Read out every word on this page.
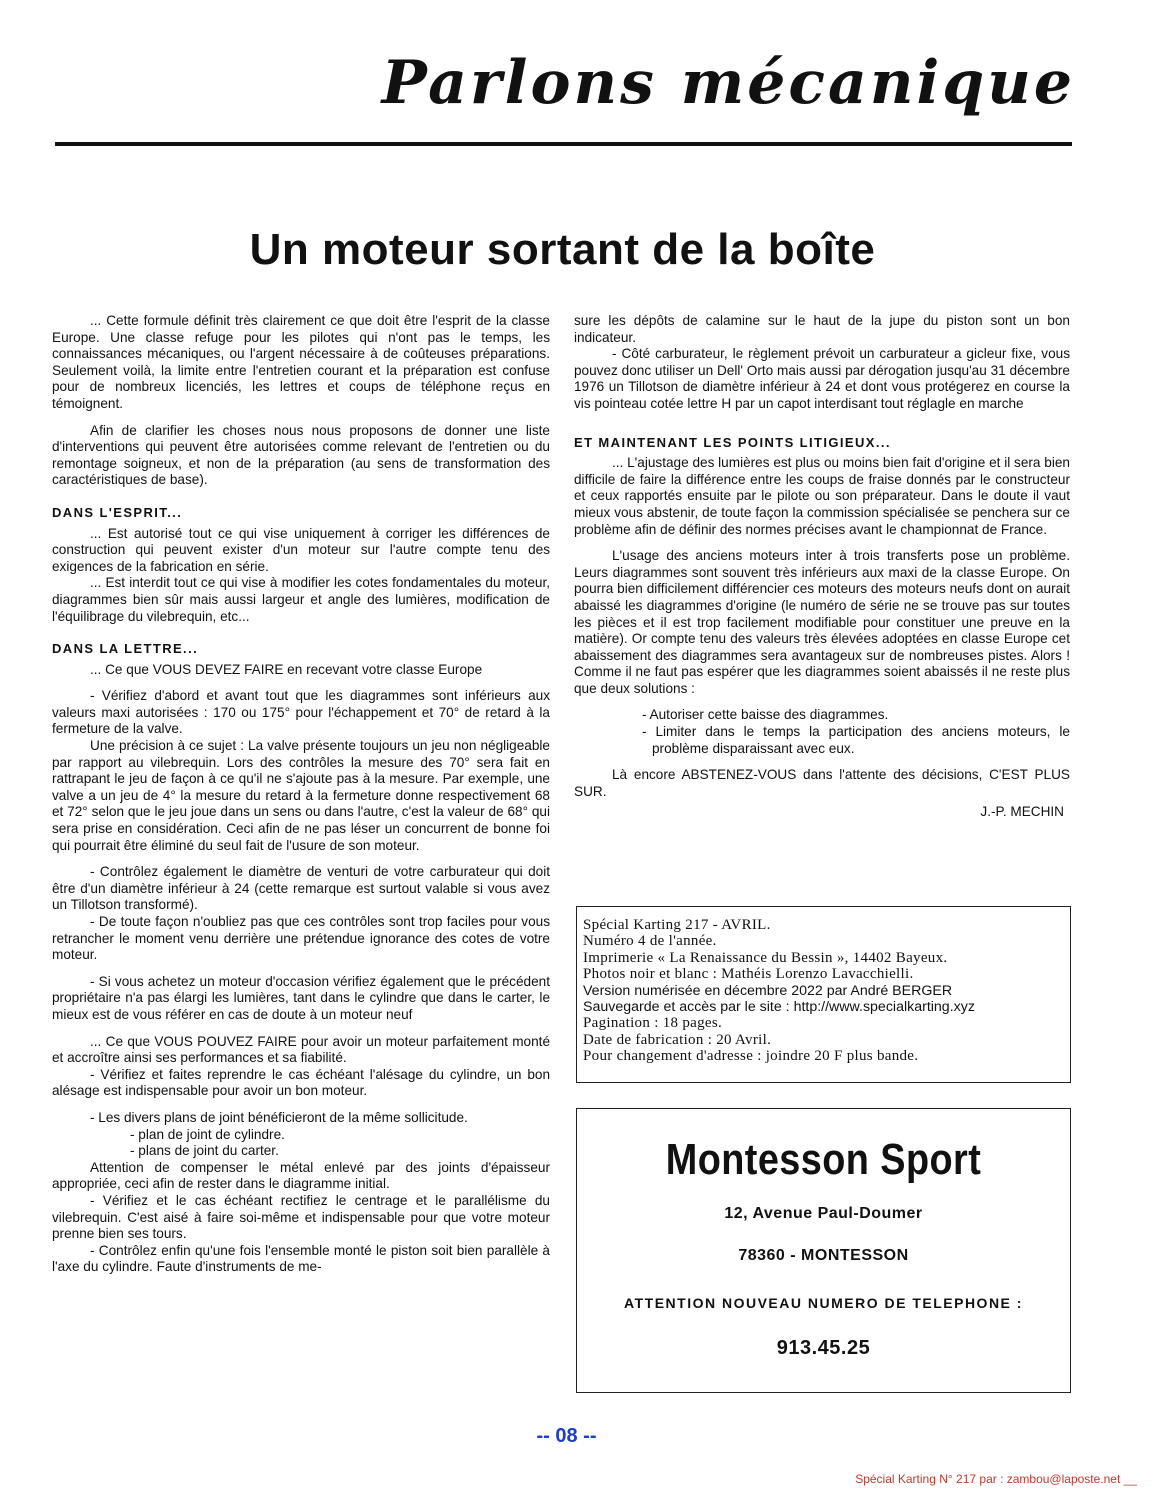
Parlons mécanique
Un moteur sortant de la boîte

... Cette formule définit très clairement ce que doit être l'esprit de la classe Europe. Une classe refuge pour les pilotes qui n'ont pas le temps, les connaissances mécaniques, ou l'argent nécessaire à de coûteuses préparations. Seulement voilà, la limite entre l'entretien courant et la préparation est confuse pour de nombreux licenciés, les lettres et coups de téléphone reçus en témoignent.

Afin de clarifier les choses nous nous proposons de donner une liste d'interventions qui peuvent être autorisées comme relevant de l'entretien ou du remontage soigneux, et non de la préparation (au sens de transformation des caractéristiques de base).

DANS L'ESPRIT...

... Est autorisé tout ce qui vise uniquement à corriger les différences de construction qui peuvent exister d'un moteur sur l'autre compte tenu des exigences de la fabrication en série.

... Est interdit tout ce qui vise à modifier les cotes fondamentales du moteur, diagrammes bien sûr mais aussi largeur et angle des lumières, modification de l'équilibrage du vilebrequin, etc...

DANS LA LETTRE...

... Ce que VOUS DEVEZ FAIRE en recevant votre classe Europe

- Vérifiez d'abord et avant tout que les diagrammes sont inférieurs aux valeurs maxi autorisées : 170 ou 175° pour l'échappement et 70° de retard à la fermeture de la valve.

Une précision à ce sujet : La valve présente toujours un jeu non négligeable par rapport au vilebrequin. Lors des contrôles la mesure des 70° sera fait en rattrapant le jeu de façon à ce qu'il ne s'ajoute pas à la mesure. Par exemple, une valve a un jeu de 4° la mesure du retard à la fermeture donne respectivement 68 et 72° selon que le jeu joue dans un sens ou dans l'autre, c'est la valeur de 68° qui sera prise en considération. Ceci afin de ne pas léser un concurrent de bonne foi qui pourrait être éliminé du seul fait de l'usure de son moteur.

- Contrôlez également le diamètre de venturi de votre carburateur qui doit être d'un diamètre inférieur à 24 (cette remarque est surtout valable si vous avez un Tillotson transformé).

- De toute façon n'oubliez pas que ces contrôles sont trop faciles pour vous retrancher le moment venu derrière une prétendue ignorance des cotes de votre moteur.

- Si vous achetez un moteur d'occasion vérifiez également que le précédent propriétaire n'a pas élargi les lumières, tant dans le cylindre que dans le carter, le mieux est de vous référer en cas de doute à un moteur neuf

... Ce que VOUS POUVEZ FAIRE pour avoir un moteur parfaitement monté et accroître ainsi ses performances et sa fiabilité.

- Vérifiez et faites reprendre le cas échéant l'alésage du cylindre, un bon alésage est indispensable pour avoir un bon moteur.

- Les divers plans de joint bénéficieront de la même sollicitude.

- plan de joint de cylindre.

- plans de joint du carter.

Attention de compenser le métal enlevé par des joints d'épaisseur appropriée, ceci afin de rester dans le diagramme initial.

- Vérifiez et le cas échéant rectifiez le centrage et le parallélisme du vilebrequin. C'est aisé à faire soi-même et indispensable pour que votre moteur prenne bien ses tours.

- Contrôlez enfin qu'une fois l'ensemble monté le piston soit bien parallèle à l'axe du cylindre. Faute d'instruments de me-

sure les dépôts de calamine sur le haut de la jupe du piston sont un bon indicateur.

- Côté carburateur, le règlement prévoit un carburateur a gicleur fixe, vous pouvez donc utiliser un Dell' Orto mais aussi par dérogation jusqu'au 31 décembre 1976 un Tillotson de diamètre inférieur à 24 et dont vous protégerez en course la vis pointeau cotée lettre H par un capot interdisant tout réglagle en marche

ET MAINTENANT LES POINTS LITIGIEUX...

... L'ajustage des lumières est plus ou moins bien fait d'origine et il sera bien difficile de faire la différence entre les coups de fraise donnés par le constructeur et ceux rapportés ensuite par le pilote ou son préparateur. Dans le doute il vaut mieux vous abstenir, de toute façon la commission spécialisée se penchera sur ce problème afin de définir des normes précises avant le championnat de France.

L'usage des anciens moteurs inter à trois transferts pose un problème. Leurs diagrammes sont souvent très inférieurs aux maxi de la classe Europe. On pourra bien difficilement différencier ces moteurs des moteurs neufs dont on aurait abaissé les diagrammes d'origine (le numéro de série ne se trouve pas sur toutes les pièces et il est trop facilement modifiable pour constituer une preuve en la matière). Or compte tenu des valeurs très élevées adoptées en classe Europe cet abaissement des diagrammes sera avantageux sur de nombreuses pistes. Alors ! Comme il ne faut pas espérer que les diagrammes soient abaissés il ne reste plus que deux solutions :

- Autoriser cette baisse des diagrammes.

- Limiter dans le temps la participation des anciens moteurs, le problème disparaissant avec eux.

Là encore ABSTENEZ-VOUS dans l'attente des décisions, C'EST PLUS SUR.

J.-P. MECHIN

Spécial Karting 217 - AVRIL.
Numéro 4 de l'année.
Imprimerie « La Renaissance du Bessin », 14402 Bayeux.
Photos noir et blanc : Mathéis Lorenzo Lavacchielli.
Version numérisée en décembre 2022 par André BERGER
Sauvegarde et accès par le site : http://www.specialkarting.xyz
Pagination : 18 pages.
Date de fabrication : 20 Avril.
Pour changement d'adresse : joindre 20 F plus bande.
Montesson Sport
12, Avenue Paul-Doumer
78360 - MONTESSON
ATTENTION NOUVEAU NUMERO DE TELEPHONE :
913.45.25
-- 08 --
Spécial Karting N° 217 par : zambou@laposte.net __
